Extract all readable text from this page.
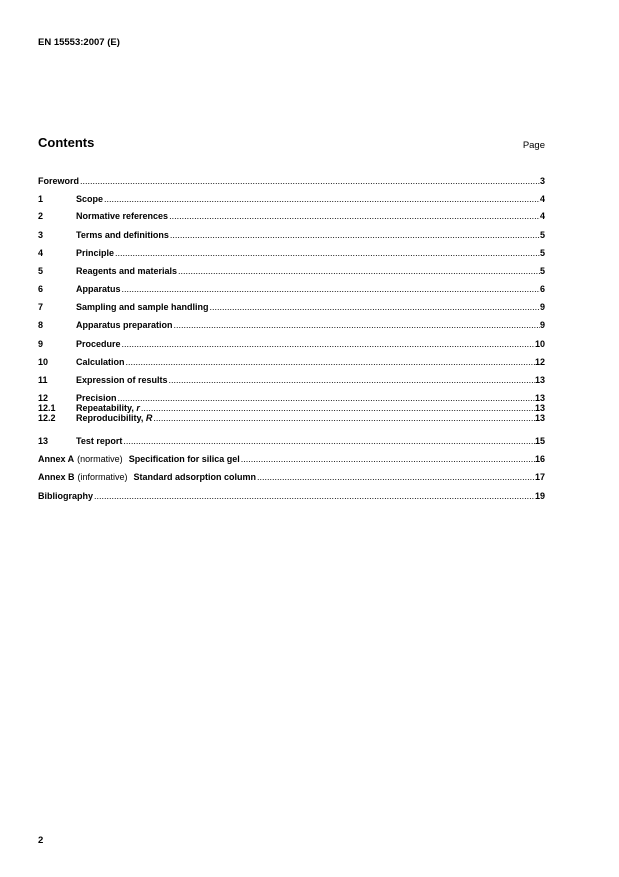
EN 15553:2007 (E)
Contents	Page
Foreword .....	3
1	Scope .....	4
2	Normative references .....	4
3	Terms and definitions .....	5
4	Principle .....	5
5	Reagents and materials .....	5
6	Apparatus .....	6
7	Sampling and sample handling .....	9
8	Apparatus preparation .....	9
9	Procedure .....	10
10	Calculation .....	12
11	Expression of results .....	13
12	Precision .....	13
12.1	Repeatability, r .....	13
12.2	Reproducibility, R .....	13
13	Test report .....	15
Annex A (normative) Specification for silica gel .....	16
Annex B (informative) Standard adsorption column .....	17
Bibliography .....	19
2
